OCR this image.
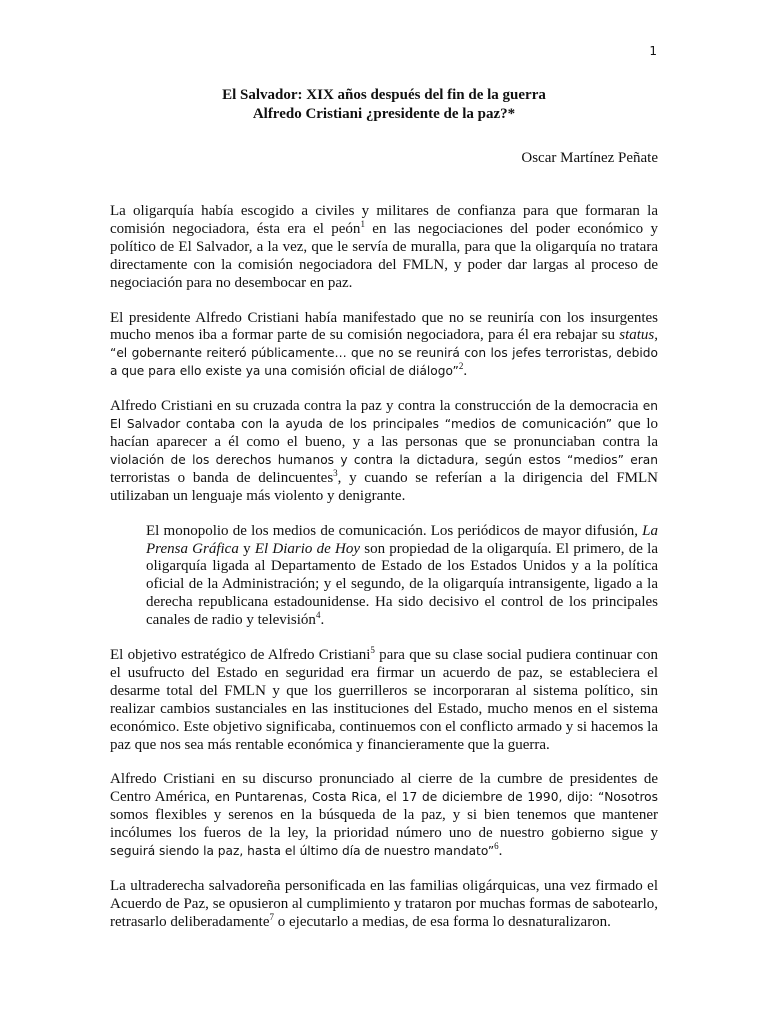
1
El Salvador: XIX años después del fin de la guerra
Alfredo Cristiani ¿presidente de la paz?*
Oscar Martínez Peñate

La oligarquía había escogido a civiles y militares de confianza para que formaran la comisión negociadora, ésta era el peón$^1$ en las negociaciones del poder económico y político de El Salvador, a la vez, que le servía de muralla, para que la oligarquía no tratara directamente con la comisión negociadora del FMLN, y poder dar largas al proceso de negociación para no desembocar en paz.

El presidente Alfredo Cristiani había manifestado que no se reuniría con los insurgentes mucho menos iba a formar parte de su comisión negociadora, para él era rebajar su status, “el gobernante reiteró públicamente… que no se reunirá con los jefes terroristas, debido a que para ello existe ya una comisión oficial de diálogo”$^2$.

Alfredo Cristiani en su cruzada contra la paz y contra la construcción de la democracia en El Salvador contaba con la ayuda de los principales “medios de comunicación” que lo hacían aparecer a él como el bueno, y a las personas que se pronunciaban contra la violación de los derechos humanos y contra la dictadura, según estos “medios” eran terroristas o banda de delincuentes$^3$, y cuando se referían a la dirigencia del FMLN utilizaban un lenguaje más violento y denigrante.

El monopolio de los medios de comunicación. Los periódicos de mayor difusión, La Prensa Gráfica y El Diario de Hoy son propiedad de la oligarquía. El primero, de la oligarquía ligada al Departamento de Estado de los Estados Unidos y a la política oficial de la Administración; y el segundo, de la oligarquía intransigente, ligado a la derecha republicana estadounidense. Ha sido decisivo el control de los principales canales de radio y televisión$^4$.

El objetivo estratégico de Alfredo Cristiani$^5$ para que su clase social pudiera continuar con el usufructo del Estado en seguridad era firmar un acuerdo de paz, se estableciera el desarme total del FMLN y que los guerrilleros se incorporaran al sistema político, sin realizar cambios sustanciales en las instituciones del Estado, mucho menos en el sistema económico. Este objetivo significaba, continuemos con el conflicto armado y si hacemos la paz que nos sea más rentable económica y financieramente que la guerra.

Alfredo Cristiani en su discurso pronunciado al cierre de la cumbre de presidentes de Centro América, en Puntarenas, Costa Rica, el 17 de diciembre de 1990, dijo: “Nosotros somos flexibles y serenos en la búsqueda de la paz, y si bien tenemos que mantener incólumes los fueros de la ley, la prioridad número uno de nuestro gobierno sigue y seguirá siendo la paz, hasta el último día de nuestro mandato”$^6$.

La ultraderecha salvadoreña personificada en las familias oligárquicas, una vez firmado el Acuerdo de Paz, se opusieron al cumplimiento y trataron por muchas formas de sabotearlo, retrasarlo deliberadamente$^7$ o ejecutarlo a medias, de esa forma lo desnaturalizaron.
